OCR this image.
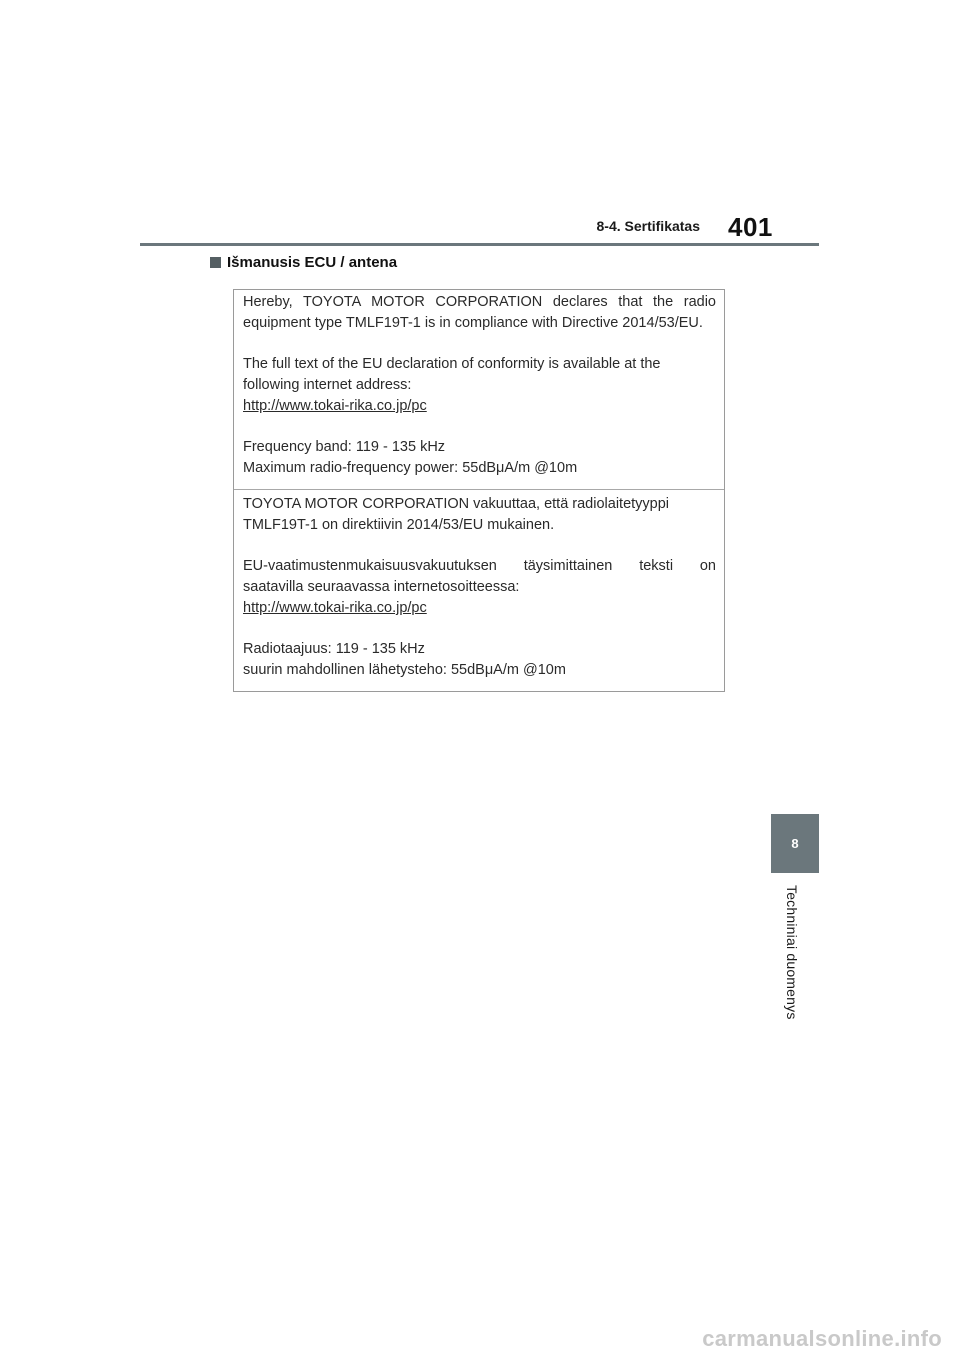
8-4. Sertifikatas 401
Išmanusis ECU / antena

Hereby, TOYOTA MOTOR CORPORATION declares that the radio

equipment type TMLF19T-1 is in compliance with Directive 2014/53/EU.

The full text of the EU declaration of conformity is available at the

following internet address:

http://www.tokai-rika.co.jp/pc

Frequency band: 119 - 135 kHz

Maximum radio-frequency power: 55dBμA/m @10m

TOYOTA MOTOR CORPORATION vakuuttaa, että radiolaitetyyppi

TMLF19T-1 on direktiivin 2014/53/EU mukainen.

EU-vaatimustenmukaisuusvakuutuksen täysimittainen teksti on

saatavilla seuraavassa internetosoitteessa:

http://www.tokai-rika.co.jp/pc

Radiotaajuus: 119 - 135 kHz

suurin mahdollinen lähetysteho: 55dBμA/m @10m

8
Techniniai duomenys
carmanualsonline.info
